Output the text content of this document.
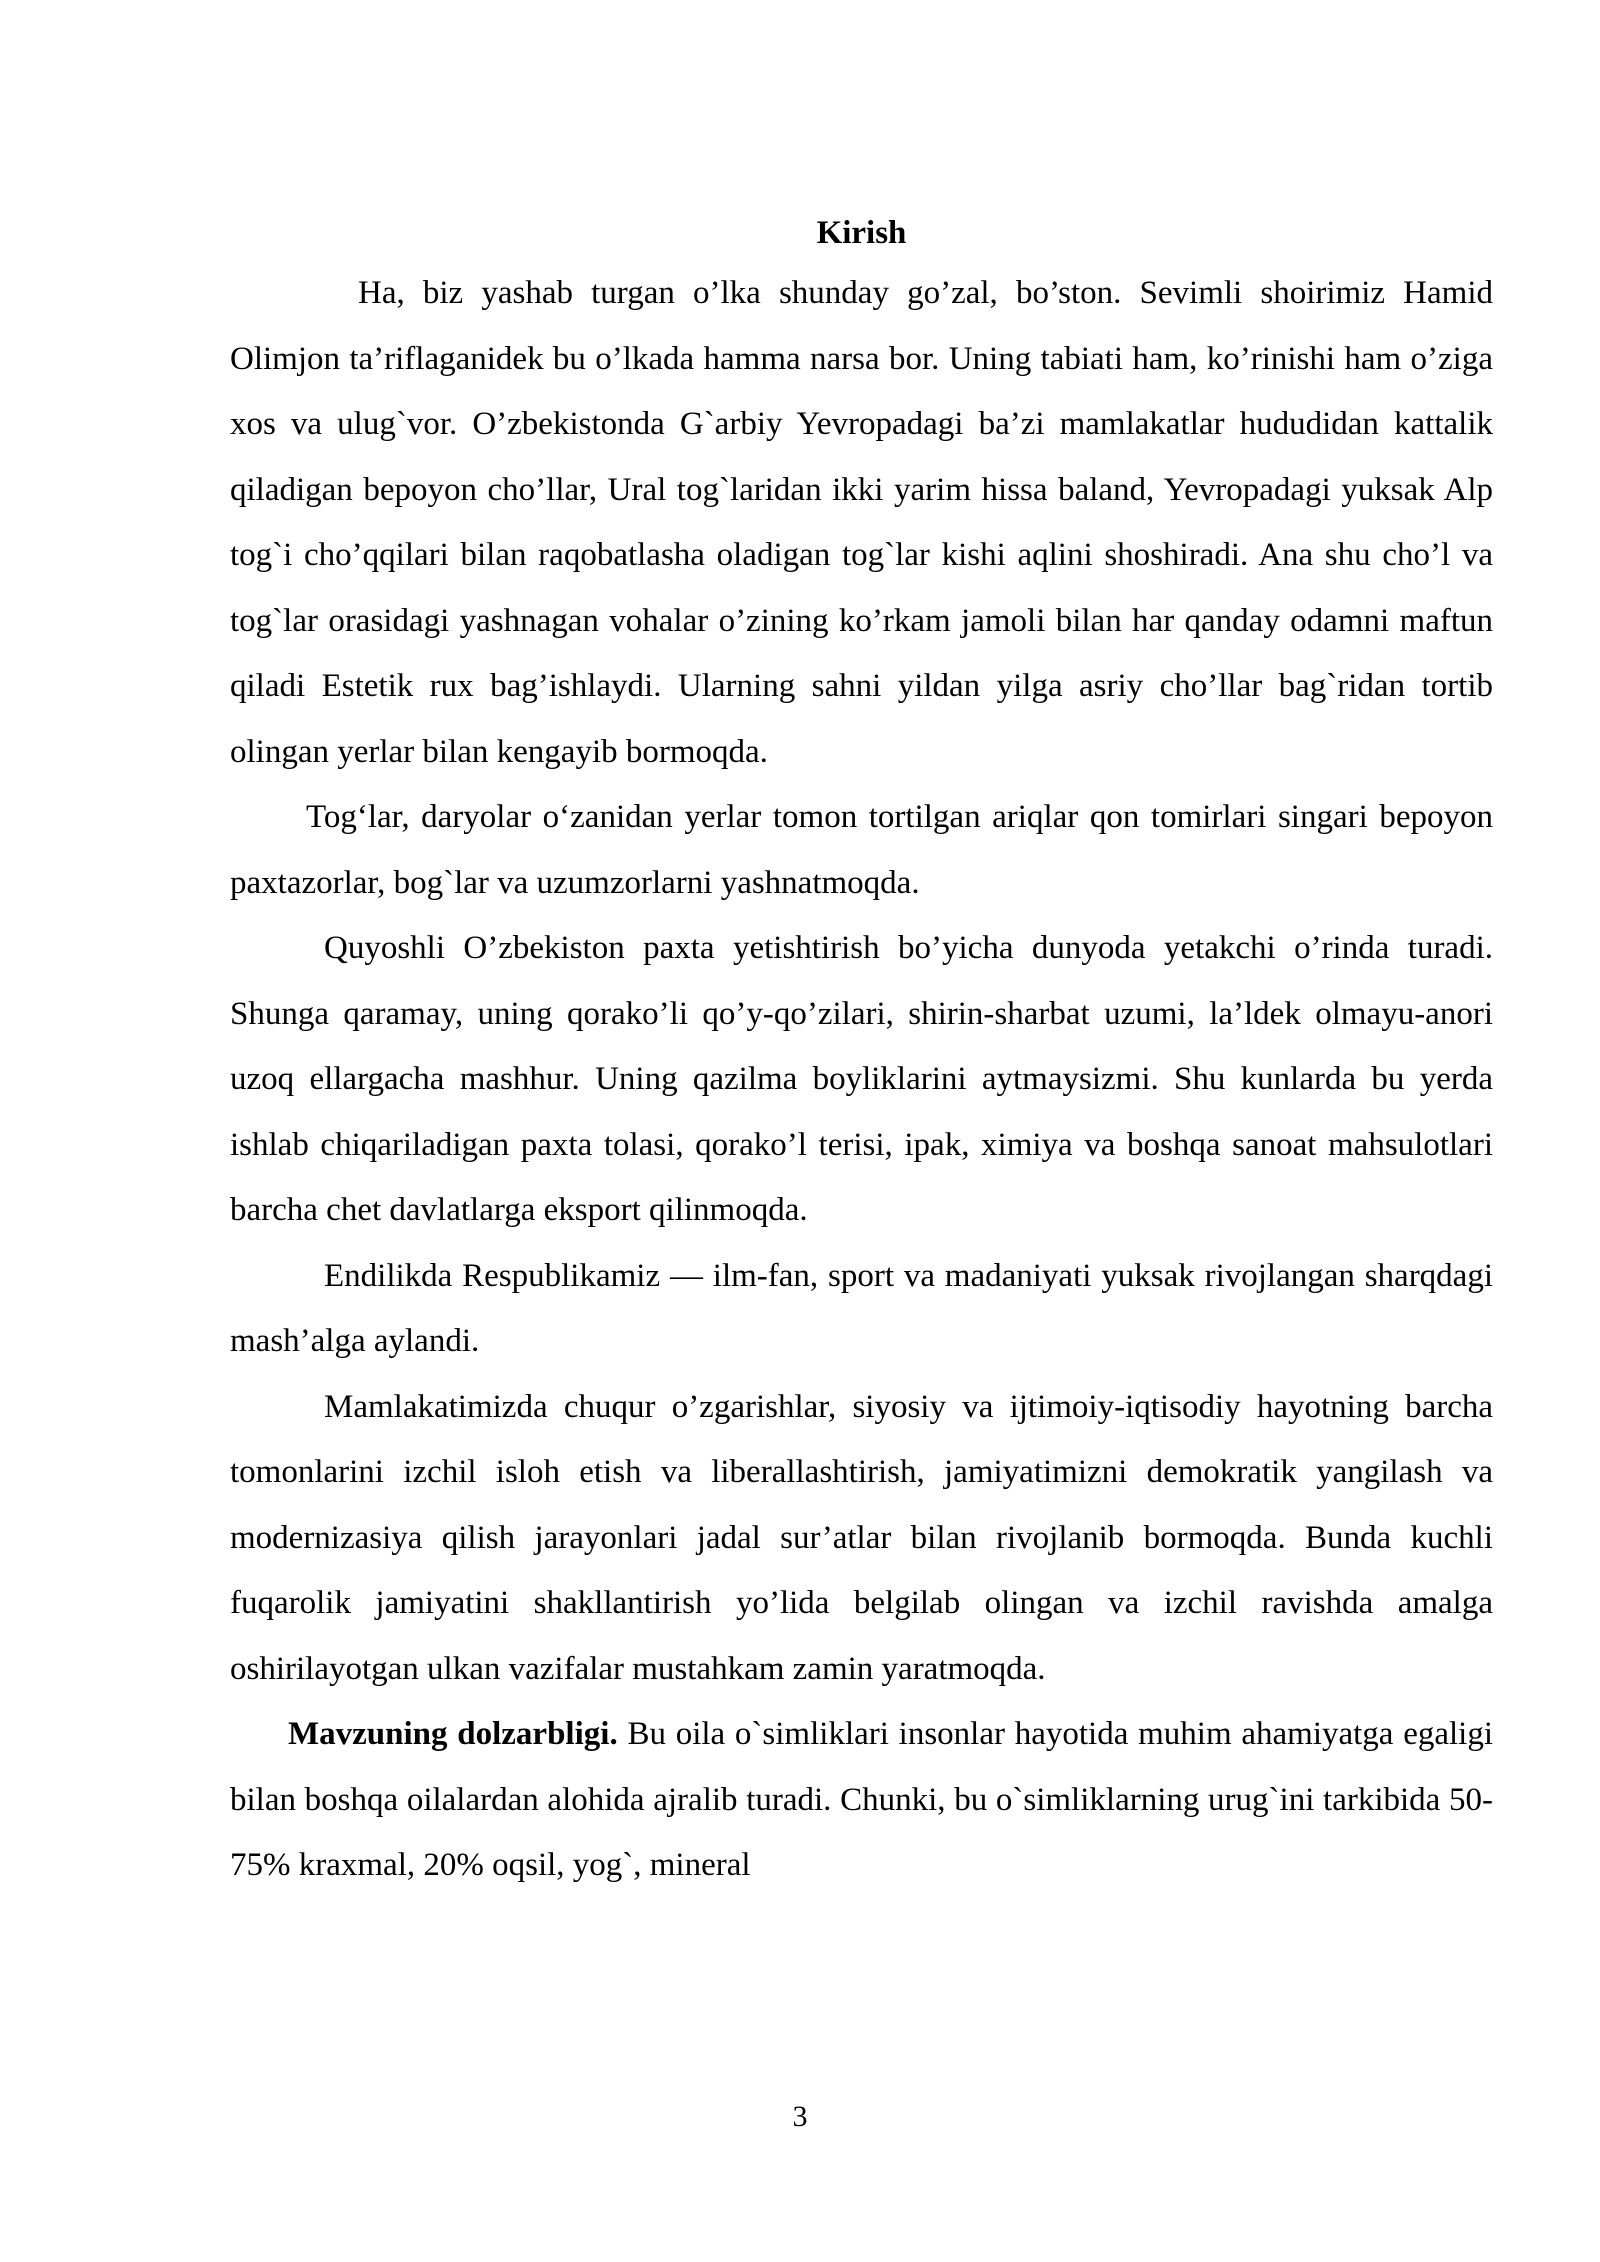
Kirish

Ha, biz yashab turgan o’lka shunday go’zal, bo’ston. Sevimli shoirimiz Hamid Olimjon ta’riflaganidek bu o’lkada hamma narsa bor. Uning tabiati ham, ko’rinishi ham o’ziga xos va ulug`vor. O’zbekistonda G`arbiy Yevropadagi ba’zi mamlakatlar hududidan kattalik qiladigan bepoyon cho’llar, Ural tog`laridan ikki yarim hissa baland, Yevropadagi yuksak Alp tog`i cho’qqilari bilan raqobatlasha oladigan tog`lar kishi aqlini shoshiradi. Ana shu cho’l va tog`lar orasidagi yashnagan vohalar o’zining ko’rkam jamoli bilan har qanday odamni maftun qiladi Estetik rux bag’ishlaydi. Ularning sahni yildan yilga asriy cho’llar bag`ridan tortib olingan yerlar bilan kengayib bormoqda.

Tog‘lar, daryolar o‘zanidan yerlar tomon tortilgan ariqlar qon tomirlari singari bepoyon paxtazorlar, bog`lar va uzumzorlarni yashnatmoqda.

Quyoshli O’zbekiston paxta yetishtirish bo’yicha dunyoda yetakchi o’rinda turadi. Shunga qaramay, uning qorako’li qo’y-qo’zilari, shirin-sharbat uzumi, la’ldek olmayu-anori uzoq ellargacha mashhur. Uning qazilma boyliklarini aytmaysizmi. Shu kunlarda bu yerda ishlab chiqariladigan paxta tolasi, qorako’l terisi, ipak, ximiya va boshqa sanoat mahsulotlari barcha chet davlatlarga eksport qilinmoqda.

Endilikda Respublikamiz — ilm-fan, sport va madaniyati yuksak rivojlangan sharqdagi mash’alga aylandi.

Mamlakatimizda chuqur o’zgarishlar, siyosiy va ijtimoiy-iqtisodiy hayotning barcha tomonlarini izchil isloh etish va liberallashtirish, jamiyatimizni demokratik yangilash va modernizasiya qilish jarayonlari jadal sur’atlar bilan rivojlanib bormoqda. Bunda kuchli fuqarolik jamiyatini shakllantirish yo’lida belgilab olingan va izchil ravishda amalga oshirilayotgan ulkan vazifalar mustahkam zamin yaratmoqda.

Mavzuning dolzarbligi. Bu oila o`simliklari insonlar hayotida muhim ahamiyatga egaligi bilan boshqa oilalardan alohida ajralib turadi. Chunki, bu o`simliklarning urug`ini tarkibida 50-75% kraxmal, 20% oqsil, yog`, mineral

3
